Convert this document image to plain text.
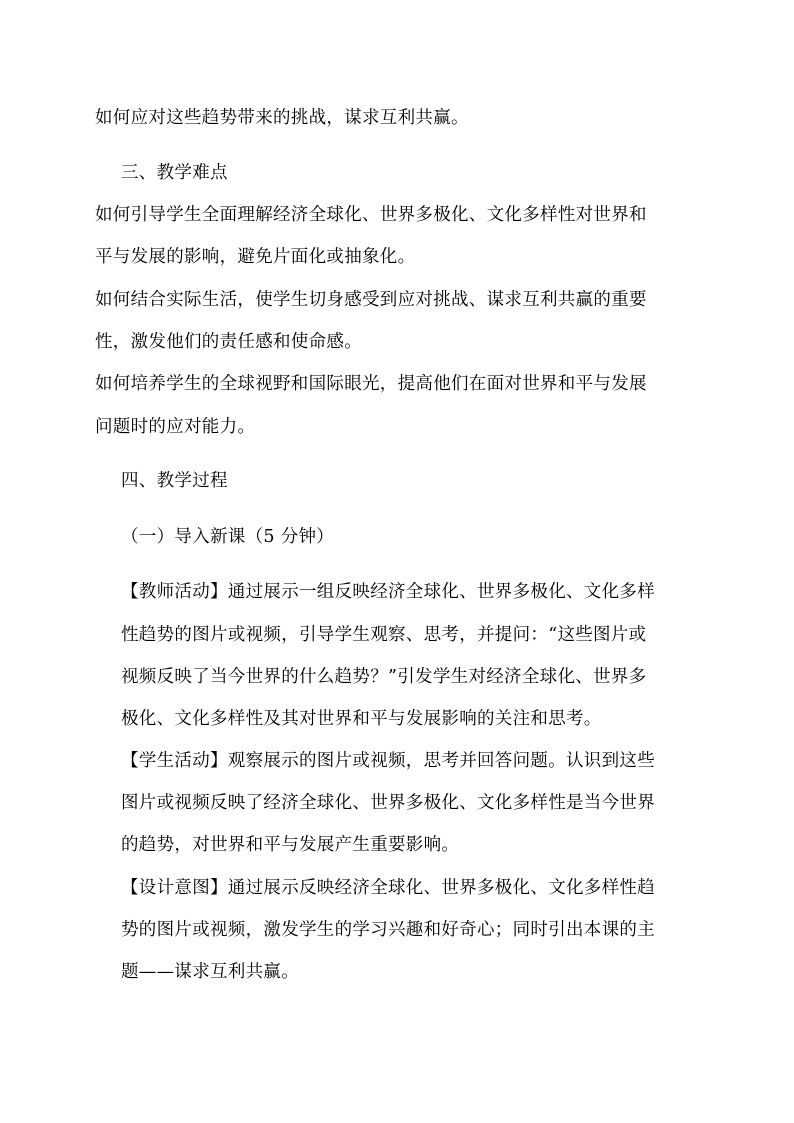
如何应对这些趋势带来的挑战，谋求互利共赢。
三、教学难点
如何引导学生全面理解经济全球化、世界多极化、文化多样性对世界和
平与发展的影响，避免片面化或抽象化。
如何结合实际生活，使学生切身感受到应对挑战、谋求互利共赢的重要
性，激发他们的责任感和使命感。
如何培养学生的全球视野和国际眼光，提高他们在面对世界和平与发展
问题时的应对能力。
四、教学过程
（一）导入新课（5 分钟）
【教师活动】通过展示一组反映经济全球化、世界多极化、文化多样
性趋势的图片或视频，引导学生观察、思考，并提问：“这些图片或
视频反映了当今世界的什么趋势？”引发学生对经济全球化、世界多
极化、文化多样性及其对世界和平与发展影响的关注和思考。
【学生活动】观察展示的图片或视频，思考并回答问题。认识到这些
图片或视频反映了经济全球化、世界多极化、文化多样性是当今世界
的趋势，对世界和平与发展产生重要影响。
【设计意图】通过展示反映经济全球化、世界多极化、文化多样性趋
势的图片或视频，激发学生的学习兴趣和好奇心；同时引出本课的主
题——谋求互利共赢。
